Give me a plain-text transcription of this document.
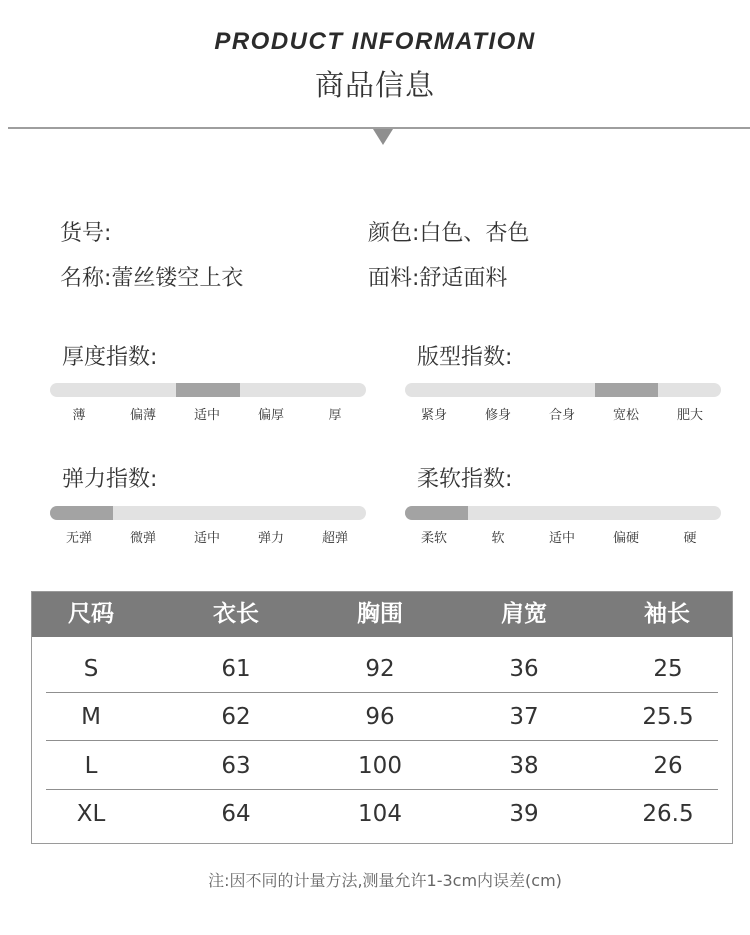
PRODUCT INFORMATION
商品信息
货号:	颜色:白色、杏色
名称:蕾丝镂空上衣	面料:舒适面料
厚度指数:
薄	偏薄	适中	偏厚	厚
版型指数:
紧身	修身	合身	宽松	肥大
弹力指数:
无弹	微弹	适中	弹力	超弹
柔软指数:
柔软	软	适中	偏硬	硬
尺码	衣长	胸围	肩宽	袖长
S	61	92	36	25
M	62	96	37	25.5
L	63	100	38	26
XL	64	104	39	26.5
注:因不同的计量方法,测量允许1-3cm内误差(cm)
